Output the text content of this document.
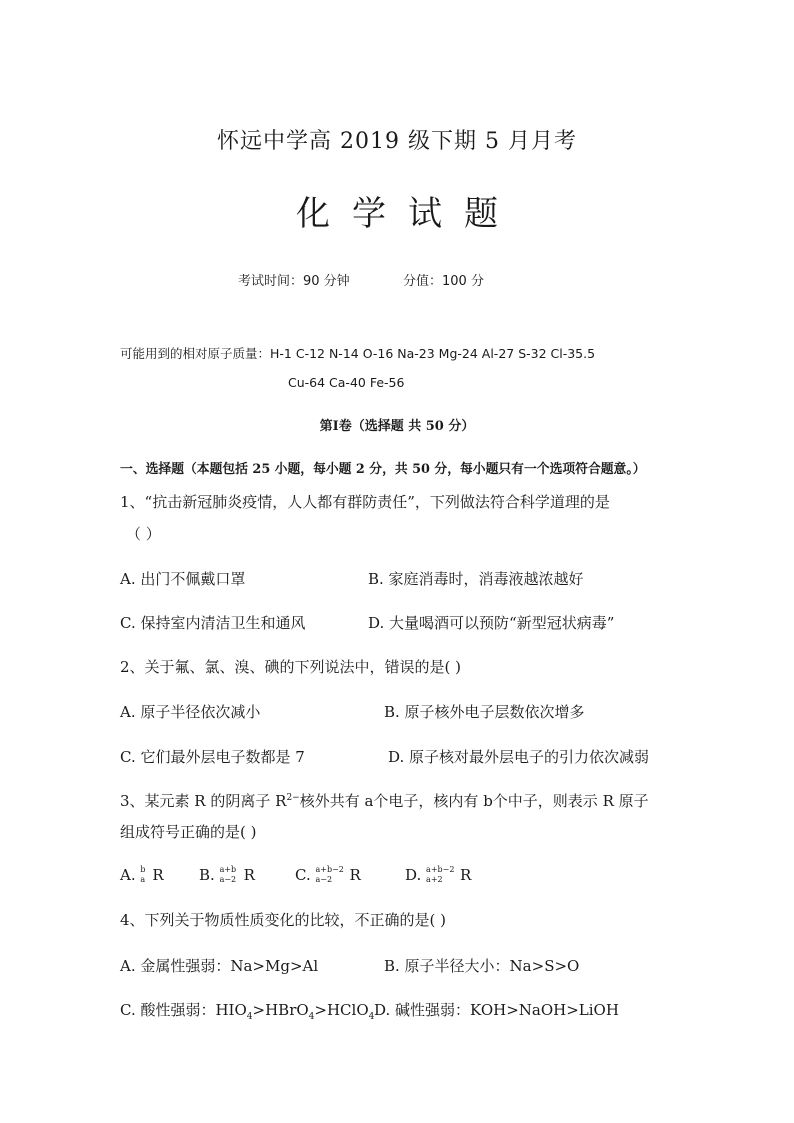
怀远中学高 2019 级下期 5 月月考
化学试题
考试时间：90 分钟	分值：100 分
可能用到的相对原子质量：H-1 C-12 N-14 O-16 Na-23 Mg-24 Al-27 S-32 Cl-35.5
Cu-64 Ca-40 Fe-56
第Ⅰ卷（选择题 共 50 分）
一、选择题（本题包括 25 小题，每小题 2 分，共 50 分，每小题只有一个选项符合题意。）
1、“抗击新冠肺炎疫情，人人都有群防责任”，下列做法符合科学道理的是
（ ）
A. 出门不佩戴口罩	B. 家庭消毒时，消毒液越浓越好
C. 保持室内清洁卫生和通风	D. 大量喝酒可以预防“新型冠状病毒”
2、关于氟、氯、溴、碘的下列说法中，错误的是( )
A. 原子半径依次减小	B. 原子核外电子层数依次增多
C. 它们最外层电子数都是 7	D. 原子核对最外层电子的引力依次减弱
3、某元素 R 的阴离子 $R^{2-}$核外共有 a个电子，核内有 b个中子，则表示 R 原子
组成符号正确的是( )
A. b
a R B. a+b
a−2 R	C. a+b−2
a−2 R	D. a+b−2
a+2 R
4、下列关于物质性质变化的比较，不正确的是( )
A. 金属性强弱：Na>Mg>Al	B. 原子半径大小：Na>S>O
C. 酸性强弱：$HIO_4>HBrO_4>HClO_4$ D. 碱性强弱：KOH>NaOH>LiOH
